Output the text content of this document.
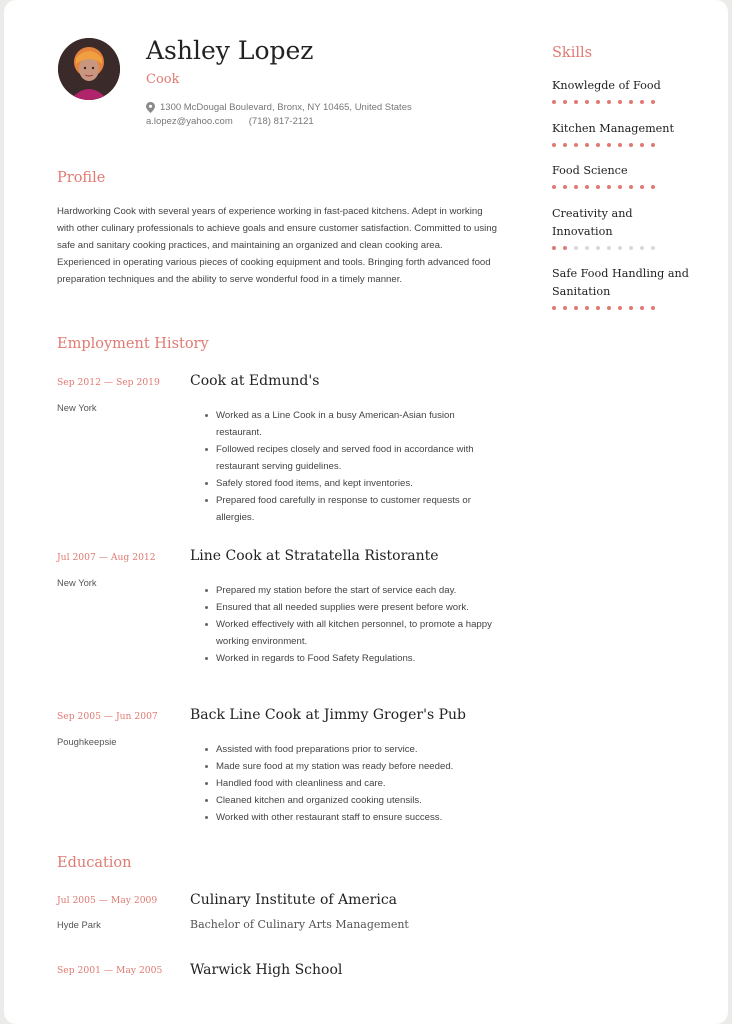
Ashley Lopez
Cook
1300 McDougal Boulevard, Bronx, NY 10465, United States
a.lopez@yahoo.com (718) 817-2121
Profile
Hardworking Cook with several years of experience working in fast-paced kitchens. Adept in working with other culinary professionals to achieve goals and ensure customer satisfaction. Committed to using safe and sanitary cooking practices, and maintaining an organized and clean cooking area. Experienced in operating various pieces of cooking equipment and tools. Bringing forth advanced food preparation techniques and the ability to serve wonderful food in a timely manner.
Employment History
Sep 2012 — Sep 2019
New York
Cook at Edmund's
Worked as a Line Cook in a busy American-Asian fusion restaurant.
Followed recipes closely and served food in accordance with restaurant serving guidelines.
Safely stored food items, and kept inventories.
Prepared food carefully in response to customer requests or allergies.
Jul 2007 — Aug 2012
New York
Line Cook at Stratatella Ristorante
Prepared my station before the start of service each day.
Ensured that all needed supplies were present before work.
Worked effectively with all kitchen personnel, to promote a happy working environment.
Worked in regards to Food Safety Regulations.
Sep 2005 — Jun 2007
Poughkeepsie
Back Line Cook at Jimmy Groger's Pub
Assisted with food preparations prior to service.
Made sure food at my station was ready before needed.
Handled food with cleanliness and care.
Cleaned kitchen and organized cooking utensils.
Worked with other restaurant staff to ensure success.
Education
Jul 2005 — May 2009
Hyde Park
Culinary Institute of America
Bachelor of Culinary Arts Management
Sep 2001 — May 2005 Warwick High School
Skills
Knowlegde of Food
Kitchen Management
Food Science
Creativity and Innovation
Safe Food Handling and Sanitation
